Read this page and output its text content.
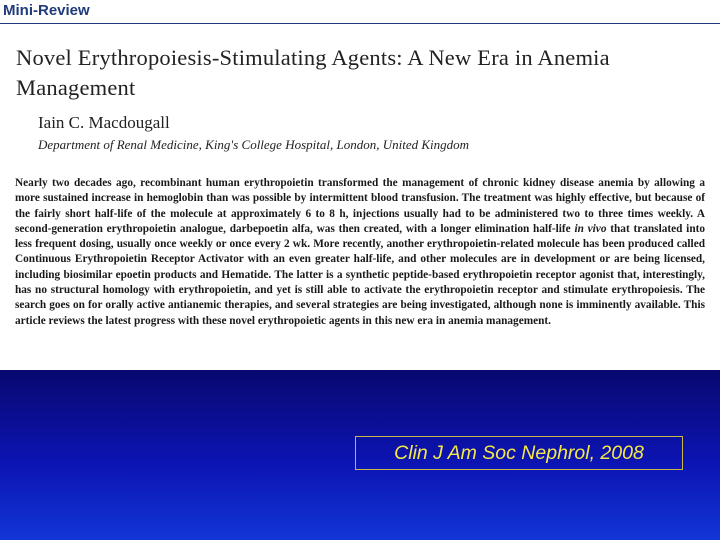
Mini-Review
Novel Erythropoiesis-Stimulating Agents: A New Era in Anemia Management
Iain C. Macdougall
Department of Renal Medicine, King's College Hospital, London, United Kingdom
Nearly two decades ago, recombinant human erythropoietin transformed the management of chronic kidney disease anemia by allowing a more sustained increase in hemoglobin than was possible by intermittent blood transfusion. The treatment was highly effective, but because of the fairly short half-life of the molecule at approximately 6 to 8 h, injections usually had to be administered two to three times weekly. A second-generation erythropoietin analogue, darbepoetin alfa, was then created, with a longer elimination half-life in vivo that translated into less frequent dosing, usually once weekly or once every 2 wk. More recently, another erythropoietin-related molecule has been produced called Continuous Erythropoietin Receptor Activator with an even greater half-life, and other molecules are in development or are being licensed, including biosimilar epoetin products and Hematide. The latter is a synthetic peptide-based erythropoietin receptor agonist that, interestingly, has no structural homology with erythropoietin, and yet is still able to activate the erythropoietin receptor and stimulate erythropoiesis. The search goes on for orally active antianemic therapies, and several strategies are being investigated, although none is imminently available. This article reviews the latest progress with these novel erythropoietic agents in this new era in anemia management.
Clin J Am Soc Nephrol, 2008
